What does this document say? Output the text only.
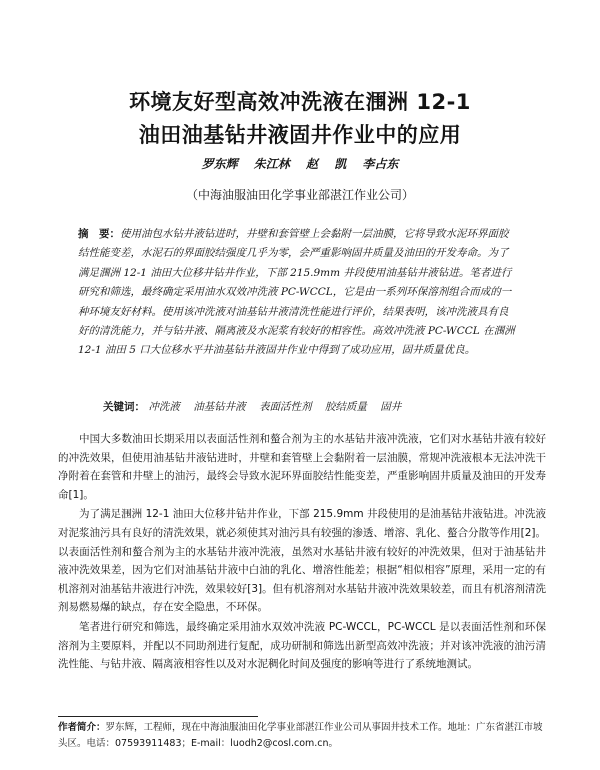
环境友好型高效冲洗液在涠洲 12-1
油田油基钻井液固井作业中的应用
罗东辉 朱江林 赵 凯 李占东
（中海油服油田化学事业部湛江作业公司）
摘　要：使用油包水钻井液钻进时，井壁和套管壁上会黏附一层油膜，它将导致水泥环界面胶结性能变差，水泥石的界面胶结强度几乎为零，会严重影响固井质量及油田的开发寿命。为了满足涠洲 12-1 油田大位移井钻井作业，下部 215.9mm 井段使用油基钻井液钻进。笔者进行研究和筛选，最终确定采用油水双效冲洗液 PC-WCCL，它是由一系列环保溶剂组合而成的一种环境友好材料。使用该冲洗液对油基钻井液清洗性能进行评价，结果表明，该冲洗液具有良好的清洗能力，并与钻井液、隔离液及水泥浆有较好的相容性。高效冲洗液 PC-WCCL 在涠洲 12-1 油田 5 口大位移水平井油基钻井液固井作业中得到了成功应用，固井质量优良。
关键词： 冲洗液 油基钻井液 表面活性剂 胶结质量 固井

中国大多数油田长期采用以表面活性剂和螯合剂为主的水基钻井液冲洗液，它们对水基钻井液有较好的冲洗效果，但使用油基钻井液钻进时，井壁和套管壁上会黏附着一层油膜，常规冲洗液根本无法冲洗干净附着在套管和井壁上的油污，最终会导致水泥环界面胶结性能变差，严重影响固井质量及油田的开发寿命[1]。

为了满足涠洲 12-1 油田大位移井钻井作业，下部 215.9mm 井段使用的是油基钻井液钻进。冲洗液对泥浆油污具有良好的清洗效果，就必须使其对油污具有较强的渗透、增溶、乳化、螯合分散等作用[2]。以表面活性剂和螯合剂为主的水基钻井液冲洗液，虽然对水基钻井液有较好的冲洗效果，但对于油基钻井液冲洗效果差，因为它们对油基钻井液中白油的乳化、增溶性能差；根据“相似相容”原理，采用一定的有机溶剂对油基钻井液进行冲洗，效果较好[3]。但有机溶剂对水基钻井液冲洗效果较差，而且有机溶剂清洗剂易燃易爆的缺点，存在安全隐患，不环保。

笔者进行研究和筛选，最终确定采用油水双效冲洗液 PC-WCCL，PC-WCCL 是以表面活性剂和环保溶剂为主要原料，并配以不同助剂进行复配，成功研制和筛选出新型高效冲洗液；并对该冲洗液的油污清洗性能、与钻井液、隔离液相容性以及对水泥稠化时间及强度的影响等进行了系统地测试。

作者简介：罗东辉，工程师，现在中海油服油田化学事业部湛江作业公司从事固井技术工作。地址：广东省湛江市坡头区。电话：07593911483；E-mail：luodh2@cosl.com.cn。
